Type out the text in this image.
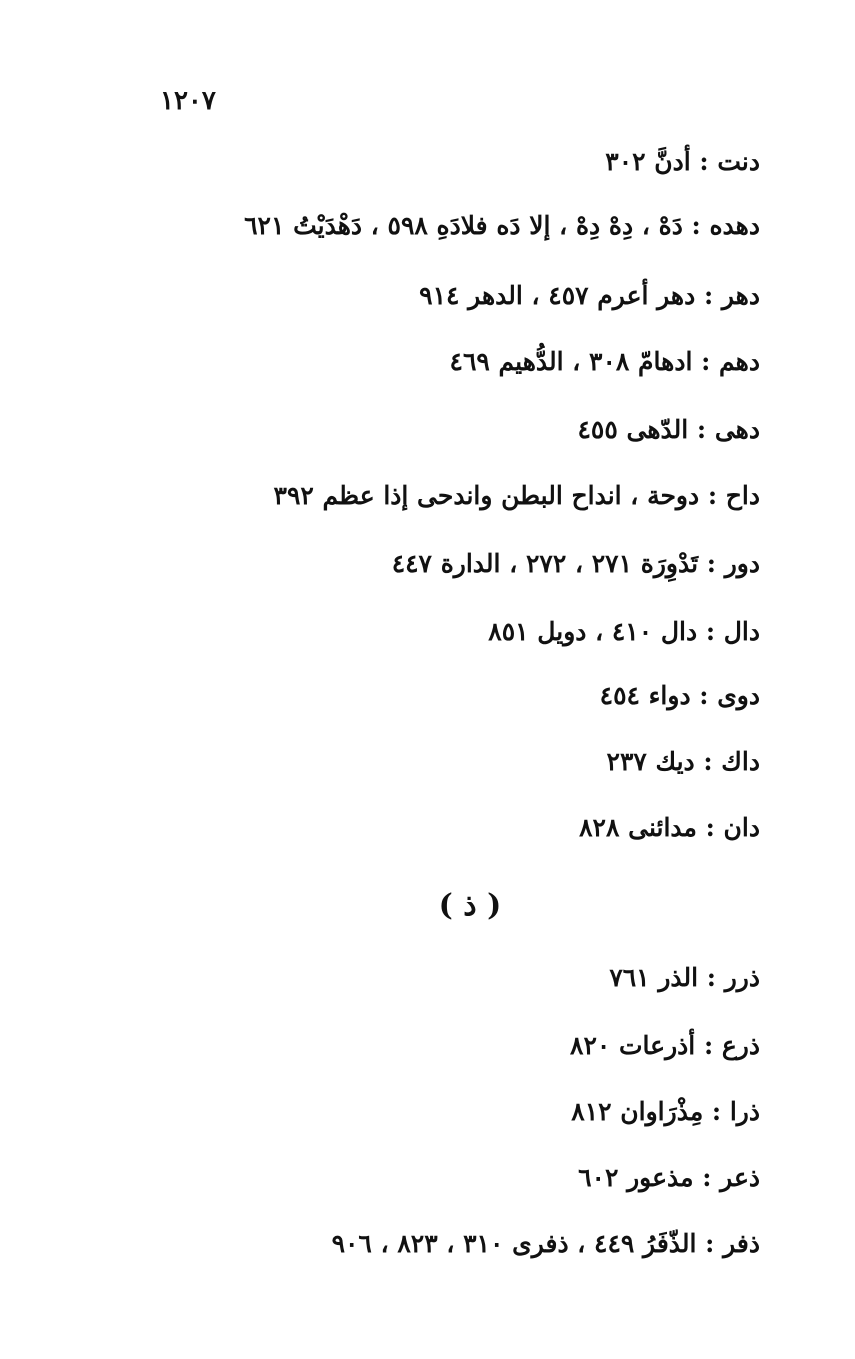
١٢٠٧
دنت : أدنَّ ٣٠٢
دهده : دَهْ ، دِهْ دِهْ ، إلا دَه فلادَهِ ٥٩٨ ، دَهْدَيْتُ ٦٢١
دهر : دهر أعرم ٤٥٧ ، الدهر ٩١٤
دهم : ادهامّ ٣٠٨ ، الدُّهيم ٤٦٩
دهى : الدّهى ٤٥٥
داح : دوحة ، انداح البطن واندحى إذا عظم ٣٩٢
دور : تَدْوِرَة ٢٧١ ، ٢٧٢ ، الدارة ٤٤٧
دال : دال ٤١٠ ، دويل ٨٥١
دوى : دواء ٤٥٤
داك : ديك ٢٣٧
دان : مدائنى ٨٢٨
( ذ )
ذرر : الذر ٧٦١
ذرع : أذرعات ٨٢٠
ذرا : مِذْرَاوان ٨١٢
ذعر : مذعور ٦٠٢
ذفر : الذّفَرُ ٤٤٩ ، ذفرى ٣١٠ ، ٨٢٣ ، ٩٠٦
